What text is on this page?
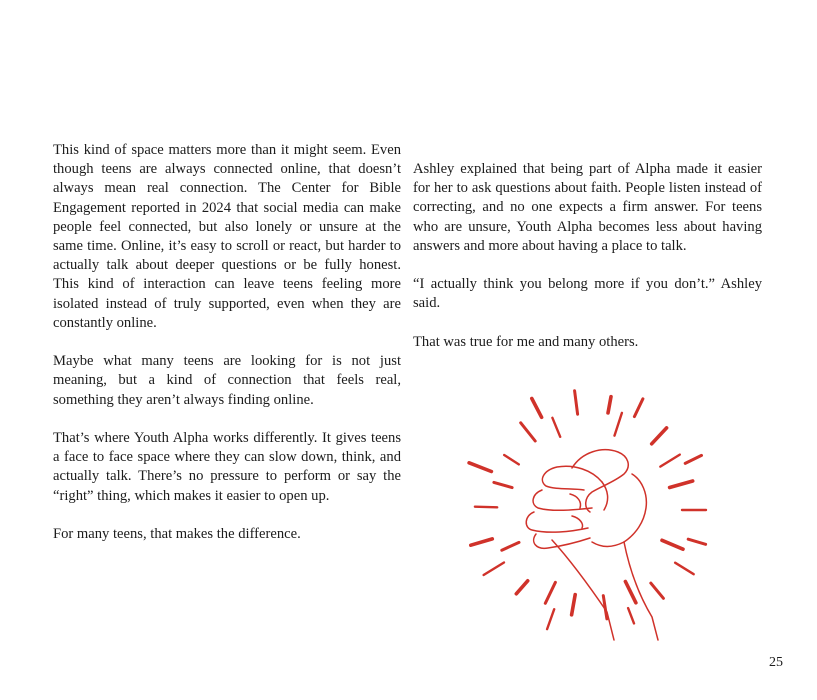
This kind of space matters more than it might seem. Even though teens are always connected online, that doesn’t always mean real connection. The Center for Bible Engagement reported in 2024 that social media can make people feel connected, but also lonely or unsure at the same time. Online, it’s easy to scroll or react, but harder to actually talk about deeper questions or be fully honest. This kind of interaction can leave teens feeling more isolated instead of truly supported, even when they are constantly online.

Maybe what many teens are looking for is not just meaning, but a kind of connection that feels real, something they aren’t always finding online.

That’s where Youth Alpha works differently. It gives teens a face to face space where they can slow down, think, and actually talk. There’s no pressure to perform or say the “right” thing, which makes it easier to open up.

For many teens, that makes the difference.

Ashley explained that being part of Alpha made it easier for her to ask questions about faith. People listen instead of correcting, and no one expects a firm answer. For teens who are unsure, Youth Alpha becomes less about having answers and more about having a place to talk.

“I actually think you belong more if you don’t.” Ashley said.

That was true for me and many others.

25
